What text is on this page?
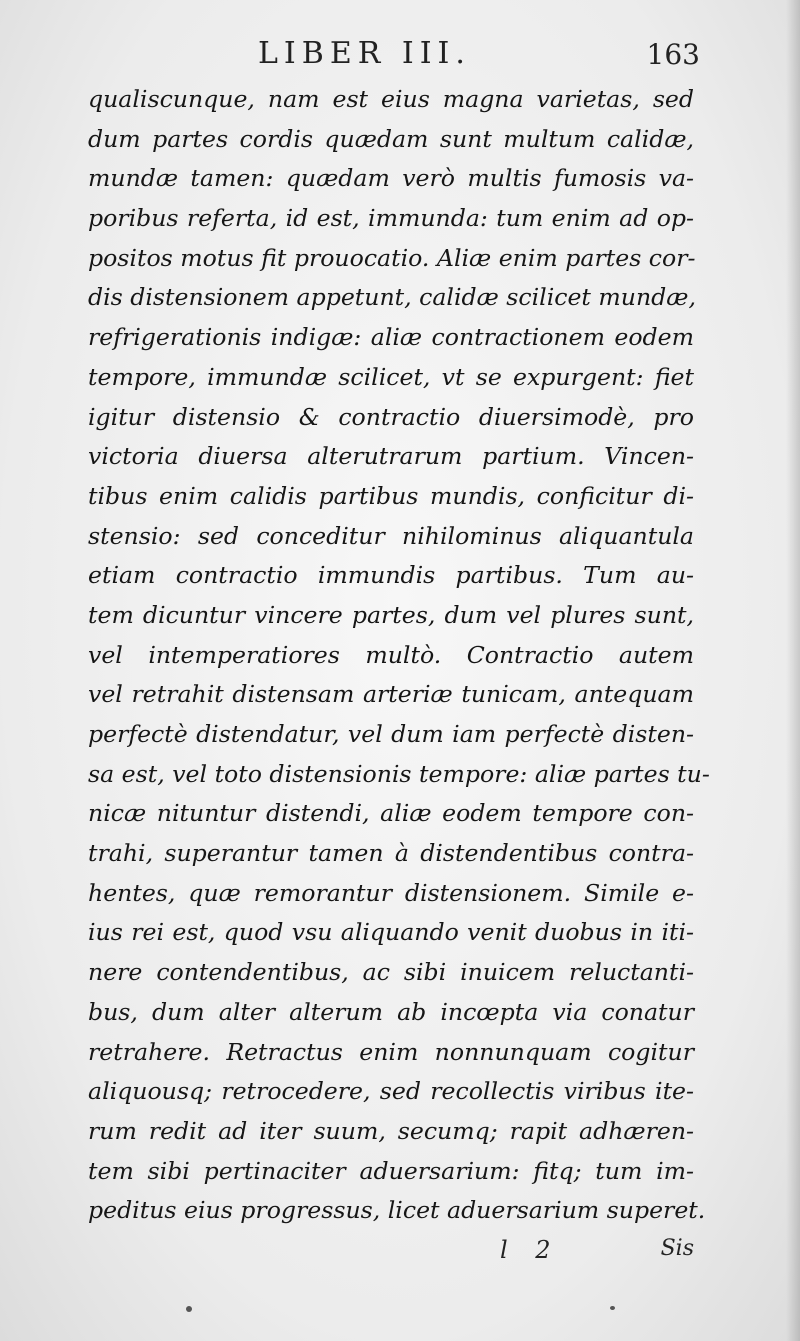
LIBER III.	163
qualiscunque, nam est eius magna varietas, sed
dum partes cordis quædam sunt multum calidæ,
mundæ tamen: quædam verò multis fumosis va-
poribus referta, id est, immunda: tum enim ad op-
positos motus fit prouocatio. Aliæ enim partes cor-
dis distensionem appetunt, calidæ scilicet mundæ,
refrigerationis indigæ: aliæ contractionem eodem
tempore, immundæ scilicet, vt se expurgent: fiet
igitur distensio & contractio diuersimodè, pro
victoria diuersa alterutrarum partium. Vincen-
tibus enim calidis partibus mundis, conficitur di-
stensio: sed conceditur nihilominus aliquantula
etiam contractio immundis partibus. Tum au-
tem dicuntur vincere partes, dum vel plures sunt,
vel intemperatiores multò. Contractio autem
vel retrahit distensam arteriæ tunicam, antequam
perfectè distendatur, vel dum iam perfectè disten-
sa est, vel toto distensionis tempore: aliæ partes tu-
nicæ nituntur distendi, aliæ eodem tempore con-
trahi, superantur tamen à distendentibus contra-
hentes, quæ remorantur distensionem. Simile e-
ius rei est, quod vsu aliquando venit duobus in iti-
nere contendentibus, ac sibi inuicem reluctanti-
bus, dum alter alterum ab incœpta via conatur
retrahere. Retractus enim nonnunquam cogitur
aliquousq; retrocedere, sed recollectis viribus ite-
rum redit ad iter suum, secumq; rapit adhæren-
tem sibi pertinaciter aduersarium: fitq; tum im-
peditus eius progressus, licet aduersarium superet.
l 2	Sis
